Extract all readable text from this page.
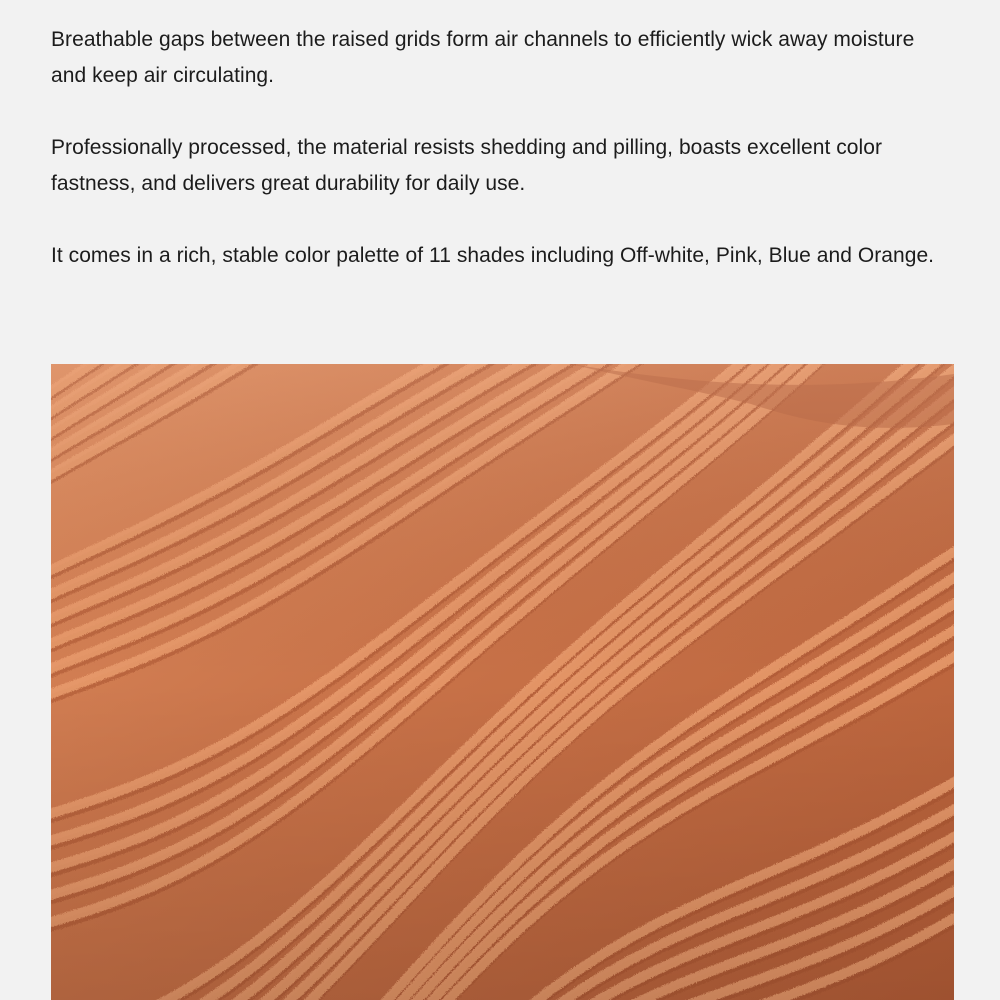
Breathable gaps between the raised grids form air channels to efficiently wick away moisture and keep air circulating.

Professionally processed, the material resists shedding and pilling, boasts excellent color fastness, and delivers great durability for daily use.

It comes in a rich, stable color palette of 11 shades including Off-white, Pink, Blue and Orange.
